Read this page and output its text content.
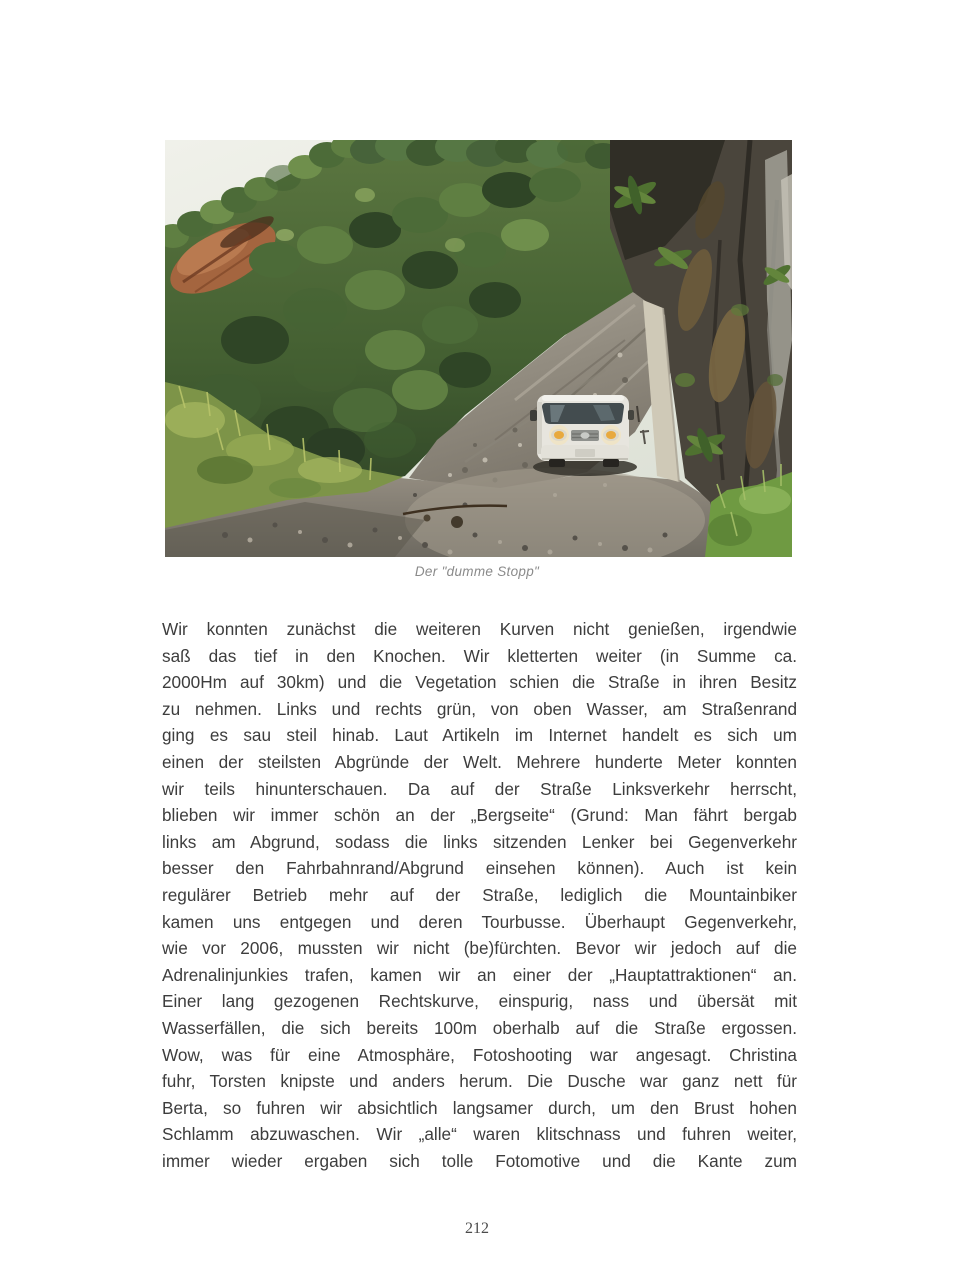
Der "dumme Stopp"
Wir konnten zunächst die weiteren Kurven nicht genießen, irgendwie
saß das tief in den Knochen. Wir kletterten weiter (in Summe ca.
2000Hm auf 30km) und die Vegetation schien die Straße in ihren Besitz
zu nehmen. Links und rechts grün, von oben Wasser, am Straßenrand
ging es sau steil hinab. Laut Artikeln im Internet handelt es sich um
einen der steilsten Abgründe der Welt. Mehrere hunderte Meter konnten
wir teils hinunterschauen. Da auf der Straße Linksverkehr herrscht,
blieben wir immer schön an der „Bergseite“ (Grund: Man fährt bergab
links am Abgrund, sodass die links sitzenden Lenker bei Gegenverkehr
besser den Fahrbahnrand/Abgrund einsehen können). Auch ist kein
regulärer Betrieb mehr auf der Straße, lediglich die Mountainbiker
kamen uns entgegen und deren Tourbusse. Überhaupt Gegenverkehr,
wie vor 2006, mussten wir nicht (be)fürchten. Bevor wir jedoch auf die
Adrenalinjunkies trafen, kamen wir an einer der „Hauptattraktionen“ an.
Einer lang gezogenen Rechtskurve, einspurig, nass und übersät mit
Wasserfällen, die sich bereits 100m oberhalb auf die Straße ergossen.
Wow, was für eine Atmosphäre, Fotoshooting war angesagt. Christina
fuhr, Torsten knipste und anders herum. Die Dusche war ganz nett für
Berta, so fuhren wir absichtlich langsamer durch, um den Brust hohen
Schlamm abzuwaschen. Wir „alle“ waren klitschnass und fuhren weiter,
immer wieder ergaben sich tolle Fotomotive und die Kante zum
212
